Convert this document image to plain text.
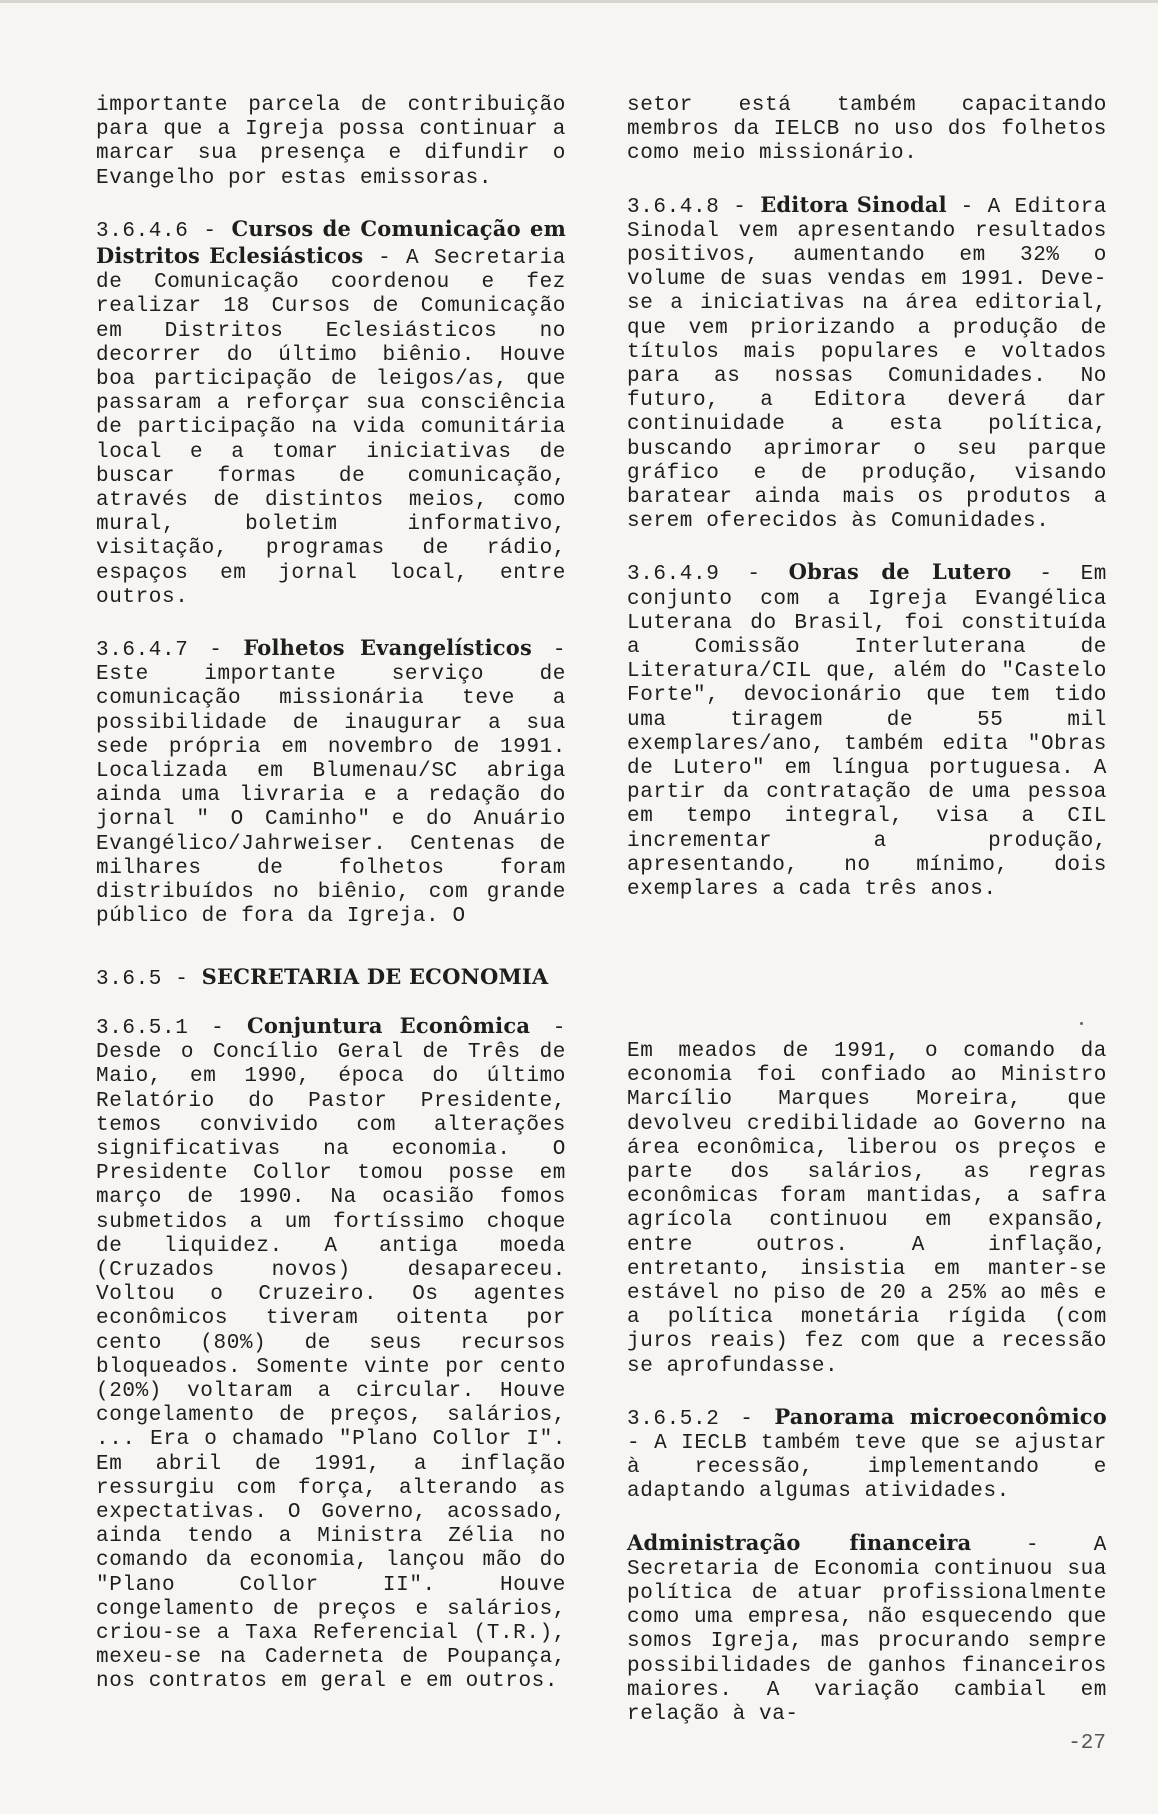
importante parcela de contribuição para que a Igreja possa continuar a marcar sua presença e difundir o Evangelho por estas emissoras.

3.6.4.6 - Cursos de Comunicação em Distritos Eclesiásticos - A Secretaria de Comunicação coordenou e fez realizar 18 Cursos de Comunicação em Distritos Eclesiásticos no decorrer do último biênio. Houve boa participação de leigos/as, que passaram a reforçar sua consciência de participação na vida comunitária local e a tomar iniciativas de buscar formas de comunicação, através de distintos meios, como mural, boletim informativo, visitação, programas de rádio, espaços em jornal local, entre outros.

3.6.4.7 - Folhetos Evangelísticos - Este importante serviço de comunicação missionária teve a possibilidade de inaugurar a sua sede própria em novembro de 1991. Localizada em Blumenau/SC abriga ainda uma livraria e a redação do jornal " O Caminho" e do Anuário Evangélico/Jahrweiser. Centenas de milhares de folhetos foram distribuídos no biênio, com grande público de fora da Igreja. O

setor está também capacitando membros da IELCB no uso dos folhetos como meio missionário.

3.6.4.8 - Editora Sinodal - A Editora Sinodal vem apresentando resultados positivos, aumentando em 32% o volume de suas vendas em 1991. Deve-se a iniciativas na área editorial, que vem priorizando a produção de títulos mais populares e voltados para as nossas Comunidades. No futuro, a Editora deverá dar continuidade a esta política, buscando aprimorar o seu parque gráfico e de produção, visando baratear ainda mais os produtos a serem oferecidos às Comunidades.

3.6.4.9 - Obras de Lutero - Em conjunto com a Igreja Evangélica Luterana do Brasil, foi constituída a Comissão Interluterana de Literatura/CIL que, além do "Castelo Forte", devocionário que tem tido uma tiragem de 55 mil exemplares/ano, também edita "Obras de Lutero" em língua portuguesa. A partir da contratação de uma pessoa em tempo integral, visa a CIL incrementar a produção, apresentando, no mínimo, dois exemplares a cada três anos.

3.6.5 - SECRETARIA DE ECONOMIA

3.6.5.1 - Conjuntura Econômica - Desde o Concílio Geral de Três de Maio, em 1990, época do último Relatório do Pastor Presidente, temos convivido com alterações significativas na economia. O Presidente Collor tomou posse em março de 1990. Na ocasião fomos submetidos a um fortíssimo choque de liquidez. A antiga moeda (Cruzados novos) desapareceu. Voltou o Cruzeiro. Os agentes econômicos tiveram oitenta por cento (80%) de seus recursos bloqueados. Somente vinte por cento (20%) voltaram a circular. Houve congelamento de preços, salários, ... Era o chamado "Plano Collor I". Em abril de 1991, a inflação ressurgiu com força, alterando as expectativas. O Governo, acossado, ainda tendo a Ministra Zélia no comando da economia, lançou mão do "Plano Collor II". Houve congelamento de preços e salários, criou-se a Taxa Referencial (T.R.), mexeu-se na Caderneta de Poupança, nos contratos em geral e em outros.

Em meados de 1991, o comando da economia foi confiado ao Ministro Marcílio Marques Moreira, que devolveu credibilidade ao Governo na área econômica, liberou os preços e parte dos salários, as regras econômicas foram mantidas, a safra agrícola continuou em expansão, entre outros. A inflação, entretanto, insistia em manter-se estável no piso de 20 a 25% ao mês e a política monetária rígida (com juros reais) fez com que a recessão se aprofundasse.

3.6.5.2 - Panorama microeconômico - A IECLB também teve que se ajustar à recessão, implementando e adaptando algumas atividades.

Administração financeira	- A Secretaria de Economia continuou sua política de atuar profissionalmente como uma empresa, não esquecendo que somos Igreja, mas procurando sempre possibilidades de ganhos financeiros maiores. A variação cambial em relação à va-

-27
